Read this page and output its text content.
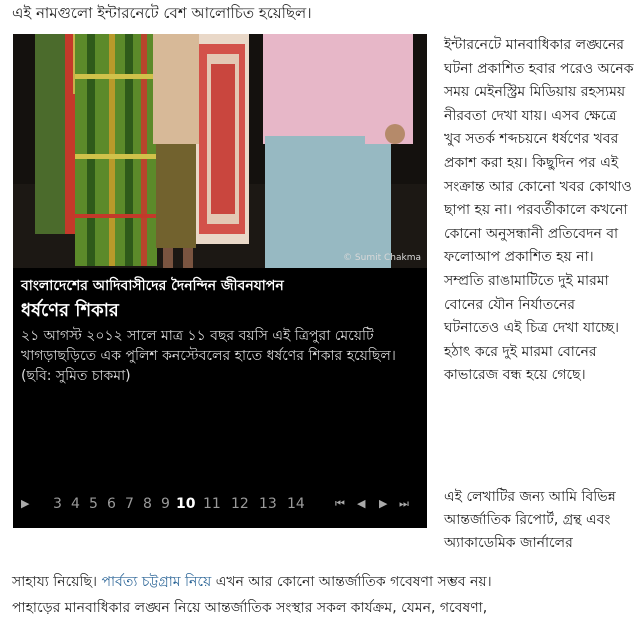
এই নামগুলো ইন্টারনেটে বেশ আলোচিত হয়েছিল।
© Sumit Chakma
বাংলাদেশের আদিবাসীদের দৈনন্দিন জীবনযাপন
ধর্ষণের শিকার
২১ আগস্ট ২০১২ সালে মাত্র ১১ বছর বয়সি এই ত্রিপুরা মেয়েটি খাগড়াছড়িতে এক পুলিশ কনস্টেবলের হাতে ধর্ষণের শিকার হয়েছিল। (ছবি: সুমিত চাকমা)
▶ 3 4 5 6 7 8 9 10 11 12 13 14	⏮ ◀ ▶ ⏭
ইন্টারনেটে মানবাধিকার লঙ্ঘনের ঘটনা প্রকাশিত হবার পরেও অনেক সময় মেইনস্ট্রিম মিডিয়ায় রহস্যময় নীরবতা দেখা যায়। এসব ক্ষেত্রে খুব সতর্ক শব্দচয়নে ধর্ষণের খবর প্রকাশ করা হয়। কিছুদিন পর এই সংক্রান্ত আর কোনো খবর কোথাও ছাপা হয় না। পরবর্তীকালে কখনো কোনো অনুসন্ধানী প্রতিবেদন বা ফলোআপ প্রকাশিত হয় না। সম্প্রতি রাঙামাটিতে দুই মারমা বোনের যৌন নির্যাতনের ঘটনাতেও এই চিত্র দেখা যাচ্ছে। হঠাৎ করে দুই মারমা বোনের কাভারেজ বন্ধ হয়ে গেছে।
এই লেখাটির জন্য আমি বিভিন্ন আন্তর্জাতিক রিপোর্ট, গ্রন্থ এবং অ্যাকাডেমিক জার্নালের
সাহায্য নিয়েছি। পার্বত্য চট্টগ্রাম নিয়ে এখন আর কোনো আন্তর্জাতিক গবেষণা সম্ভব নয়।
পাহাড়ের মানবাধিকার লঙ্ঘন নিয়ে আন্তর্জাতিক সংস্থার সকল কার্যক্রম, যেমন, গবেষণা,
